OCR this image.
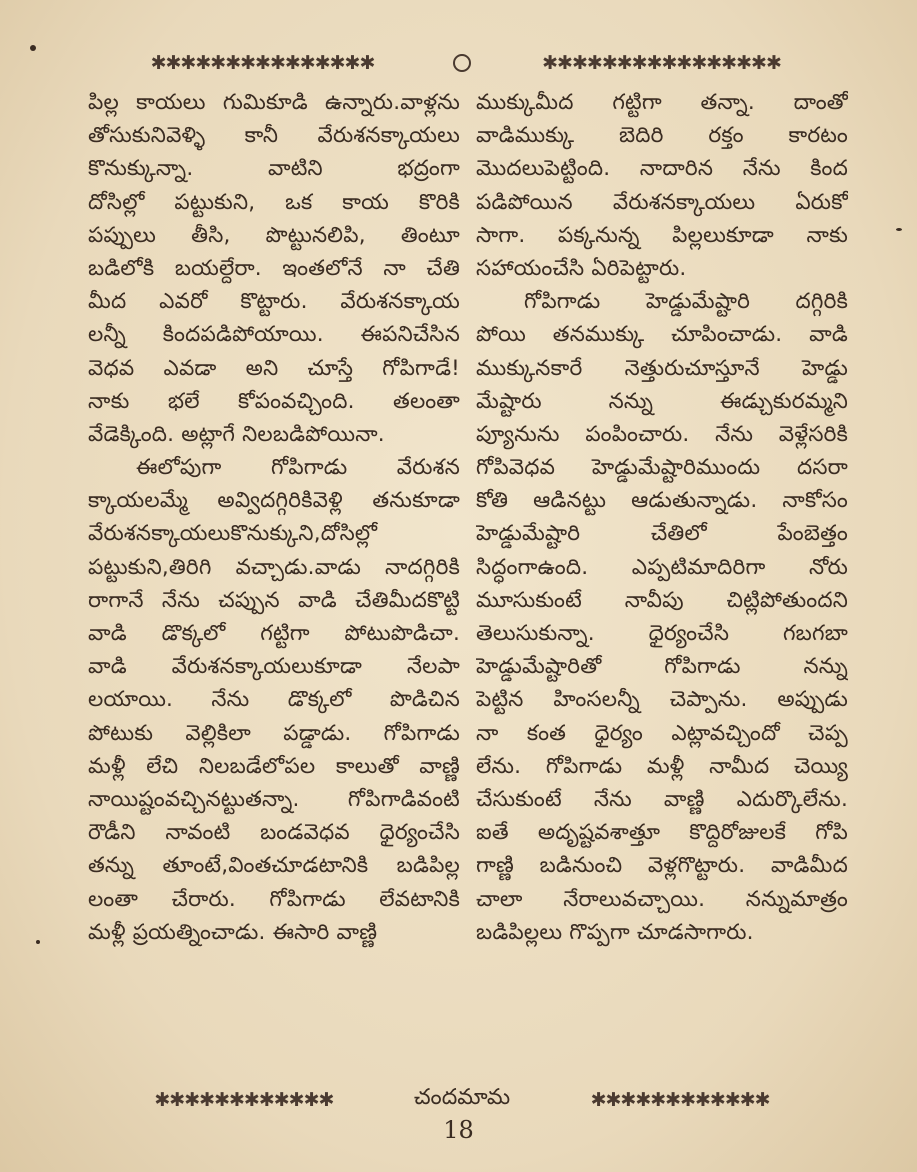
✱✱✱✱✱✱✱✱✱✱✱✱✱✱✱	✱✱✱✱✱✱✱✱✱✱✱✱✱✱✱✱
పిల్ల కాయలు గుమికూడి ఉన్నారు.వాళ్లను
తోసుకునివెళ్ళి కానీ వేరుశనక్కాయలు
కొనుక్కున్నా. వాటిని భద్రంగా
దోసిల్లో పట్టుకుని, ఒక కాయ కొరికి
పప్పులు తీసి, పొట్టునలిపి, తింటూ
బడిలోకి బయల్దేరా. ఇంతలోనే నా చేతి
మీద ఎవరో కొట్టారు. వేరుశనక్కాయ
లన్నీ కిందపడిపోయాయి. ఈపనిచేసిన
వెధవ ఎవడా అని చూస్తే గోపిగాడే!
నాకు భలే కోపంవచ్చింది. తలంతా
వేడెక్కింది. అట్లాగే నిలబడిపోయినా.
ఈలోపుగా గోపిగాడు వేరుశన
క్కాయలమ్మే అవ్విదగ్గిరికివెళ్లి తనుకూడా
వేరుశనక్కాయలుకొనుక్కుని,దోసిల్లో
పట్టుకుని,తిరిగి వచ్చాడు.వాడు నాదగ్గిరికి
రాగానే నేను చప్పున వాడి చేతిమీదకొట్టి
వాడి డొక్కలో గట్టిగా పోటుపొడిచా.
వాడి వేరుశనక్కాయలుకూడా నేలపా
లయాయి. నేను డొక్కలో పొడిచిన
పోటుకు వెల్లికిలా పడ్డాడు. గోపిగాడు
మళ్లీ లేచి నిలబడేలోపల కాలుతో వాణ్ణి
నాయిష్టంవచ్చినట్టుతన్నా. గోపిగాడివంటి
రౌడీని నావంటి బండవెధవ ధైర్యంచేసి
తన్ను తూంటే,వింతచూడటానికి బడిపిల్ల
లంతా చేరారు. గోపిగాడు లేవటానికి
మళ్లీ ప్రయత్నించాడు. ఈసారి వాణ్ణి
ముక్కుమీద గట్టిగా తన్నా. దాంతో
వాడిముక్కు బెదిరి రక్తం కారటం
మొదలుపెట్టింది. నాదారిన నేను కింద
పడిపోయిన వేరుశనక్కాయలు ఏరుకో
సాగా. పక్కనున్న పిల్లలుకూడా నాకు
సహాయంచేసి ఏరిపెట్టారు.
గోపిగాడు హెడ్డుమేష్టారి దగ్గిరికి
పోయి తనముక్కు చూపించాడు. వాడి
ముక్కునకారే నెత్తురుచూస్తూనే హెడ్డు
మేష్టారు నన్ను ఈడ్చుకురమ్మని
ప్యూనును పంపించారు. నేను వెళ్లేసరికి
గోపివెధవ హెడ్డుమేష్టారిముందు దసరా
కోతి ఆడినట్టు ఆడుతున్నాడు. నాకోసం
హెడ్డుమేష్టారి చేతిలో పేంబెత్తం
సిద్ధంగాఉంది. ఎప్పటిమాదిరిగా నోరు
మూసుకుంటే నావీపు చిట్లిపోతుందని
తెలుసుకున్నా. ధైర్యంచేసి గబగబా
హెడ్డుమేష్టారితో గోపిగాడు నన్ను
పెట్టిన హింసలన్నీ చెప్పాను. అప్పుడు
నా కంత ధైర్యం ఎట్లావచ్చిందో చెప్ప
లేను. గోపిగాడు మళ్లీ నామీద చెయ్యి
చేసుకుంటే నేను వాణ్ణి ఎదుర్కొలేను.
ఐతే అదృష్టవశాత్తూ కొద్దిరోజులకే గోపి
గాణ్ణి బడినుంచి వెళ్లగొట్టారు. వాడిమీద
చాలా నేరాలువచ్చాయి. నన్నుమాత్రం
బడిపిల్లలు గొప్పగా చూడసాగారు.
✱✱✱✱✱✱✱✱✱✱✱✱	చందమామ	✱✱✱✱✱✱✱✱✱✱✱✱
18
